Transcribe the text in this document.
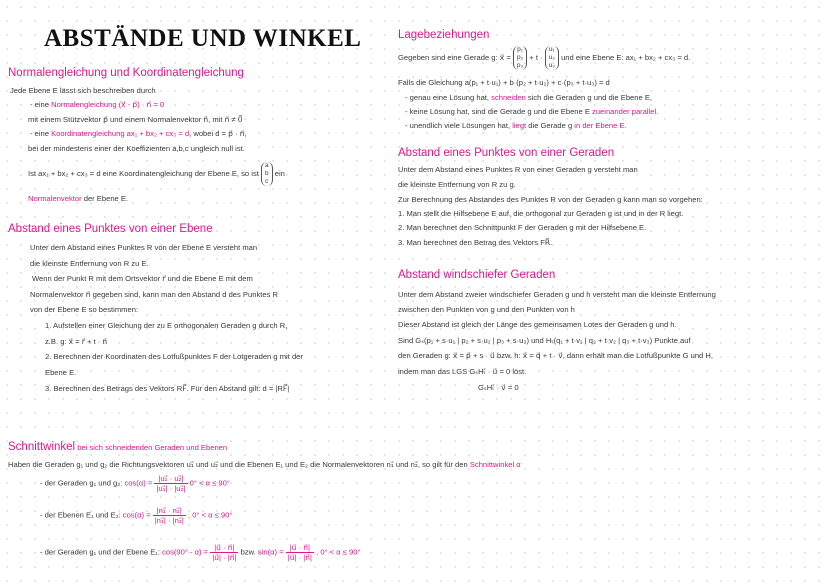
ABSTÄNDE UND WINKEL
Normalengleichung und Koordinatengleichung
Jede Ebene E lässt sich beschreiben durch
- eine Normalengleichung (x⃗ - p⃗) · n⃗ = 0
mit einem Stützvektor p⃗ und einem Normalenvektor n⃗, mit n⃗ ≠ 0⃗
- eine Koordinatengleichung ax₁ + bx₂ + cx₃ = d, wobei d = p⃗ · n⃗,
bei der mindestens einer der Koeffizienten a,b,c ungleich null ist.
Ist ax₁ + bx₂ + cx₃ = d eine Koordinatengleichung der Ebene E, so ist
a
b
c
ein
Normalenvektor der Ebene E.
Abstand eines Punktes von einer Ebene
Unter dem Abstand eines Punktes R von der Ebene E versteht man
die kleinste Entfernung von R zu E.
Wenn der Punkt R mit dem Ortsvektor r⃗ und die Ebene E mit dem
Normalenvektor n⃗ gegeben sind, kann man den Abstand d des Punktes R
von der Ebene E so bestimmen:
1. Aufstellen einer Gleichung der zu E orthogonalen Geraden g durch R,
z.B. g: x⃗ = r⃗ + t · n⃗
2. Berechnen der Koordinaten des Lotfußpunktes F der Lotgeraden g mit der
Ebene E.
3. Berechnen des Betrags des Vektors RF⃗. Für den Abstand gilt: d = |RF⃗|
Lagebeziehungen
Gegeben sind eine Gerade g: x⃗ =
p₁
p₂
p₃
+ t ·
u₁
u₂
u₃
und eine Ebene E: ax₁ + bx₂ + cx₃ = d.
Falls die Gleichung a(p₁ + t·u₁) + b·(p₂ + t·u₂) + c·(p₃ + t·u₃) = d
- genau eine Lösung hat, schneiden sich die Geraden g und die Ebene E,
- keine Lösung hat, sind die Gerade g und die Ebene E zueinander parallel.
- unendlich viele Lösungen hat, liegt die Gerade g in der Ebene E.
Abstand eines Punktes von einer Geraden
Unter dem Abstand eines Punktes R von einer Geraden g versteht man
die kleinste Entfernung von R zu g.
Zur Berechnung des Abstandes des Punktes R von der Geraden g kann man so vorgehen:
1. Man stellt die Hilfsebene E auf, die orthogonal zur Geraden g ist und in der R liegt.
2. Man berechnet den Schnittpunkt F der Geraden g mit der Hilfsebene E.
3. Man berechnet den Betrag des Vektors FR⃗.
Abstand windschiefer Geraden
Unter dem Abstand zweier windschiefer Geraden g und h versteht man die kleinste Entfernung
zwischen den Punkten von g und den Punkten von h
Dieser Abstand ist gleich der Länge des gemeinsamen Lotes der Geraden g und h.
Sind Gₛ(p₁ + s·u₁ | p₂ + s·u₂ | p₃ + s·u₃) und Hₜ(q₁ + t·v₁ | q₂ + t·v₂ | q₃ + t·v₃) Punkte auf
den Geraden g: x⃗ = p⃗ + s · u⃗ bzw. h: x⃗ = q⃗ + t · v⃗, dann erhält man die Lotfußpunkte G und H,
indem man das LGS GₛHₜ⃗ · u⃗ = 0 löst.
GₛHₜ⃗ · v⃗ = 0
Schnittwinkel bei sich schneidenden Geraden und Ebenen
Haben die Geraden g₁ und g₂ die Richtungsvektoren u₁⃗ und u₂⃗ und die Ebenen E₁ und E₂ die Normalenvektoren n₁⃗ und n₂⃗, so gilt für den Schnittwinkel α
- der Geraden g₁ und g₂: $\cos(\alpha) = \frac{\text{|u₁⃗ · u₂⃗|}}{\text{|u₁⃗| · |u₂⃗|}} 0^\circ < \alpha \le 90^\circ$
- der Ebenen E₁ und E₂: $\cos(\alpha) = \frac{\text{|n₁⃗ · n₂⃗|}}{\text{|n₁⃗| · |n₂⃗|}}$ , 0° < α ≤ 90°
- der Geraden g₁ und der Ebene E₁: $\cos(90^\circ - \alpha) = \frac{|u⃗ \cdot n⃗|}{|u⃗| \cdot |n⃗|}$ bzw. $\sin(\alpha) = \frac{|u⃗ \cdot n⃗|}{|u⃗| \cdot |n⃗|}$ , 0° < α ≤ 90°
